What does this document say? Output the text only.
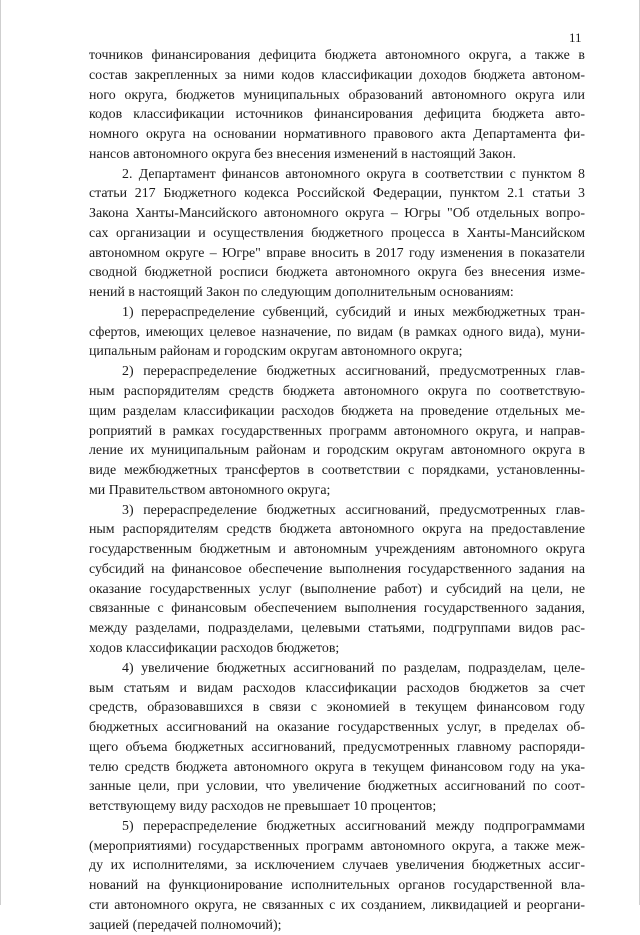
11
точников финансирования дефицита бюджета автономного округа, а также в
состав закрепленных за ними кодов классификации доходов бюджета автоном-
ного округа, бюджетов муниципальных образований автономного округа или
кодов классификации источников финансирования дефицита бюджета авто-
номного округа на основании нормативного правового акта Департамента фи-
нансов автономного округа без внесения изменений в настоящий Закон.
2. Департамент финансов автономного округа в соответствии с пунктом 8
статьи 217 Бюджетного кодекса Российской Федерации, пунктом 2.1 статьи 3
Закона Ханты-Мансийского автономного округа – Югры "Об отдельных вопро-
сах организации и осуществления бюджетного процесса в Ханты-Мансийском
автономном округе – Югре" вправе вносить в 2017 году изменения в показатели
сводной бюджетной росписи бюджета автономного округа без внесения изме-
нений в настоящий Закон по следующим дополнительным основаниям:
1) перераспределение субвенций, субсидий и иных межбюджетных тран-
сфертов, имеющих целевое назначение, по видам (в рамках одного вида), муни-
ципальным районам и городским округам автономного округа;
2) перераспределение бюджетных ассигнований, предусмотренных глав-
ным распорядителям средств бюджета автономного округа по соответствую-
щим разделам классификации расходов бюджета на проведение отдельных ме-
роприятий в рамках государственных программ автономного округа, и направ-
ление их муниципальным районам и городским округам автономного округа в
виде межбюджетных трансфертов в соответствии с порядками, установленны-
ми Правительством автономного округа;
3) перераспределение бюджетных ассигнований, предусмотренных глав-
ным распорядителям средств бюджета автономного округа на предоставление
государственным бюджетным и автономным учреждениям автономного округа
субсидий на финансовое обеспечение выполнения государственного задания на
оказание государственных услуг (выполнение работ) и субсидий на цели, не
связанные с финансовым обеспечением выполнения государственного задания,
между разделами, подразделами, целевыми статьями, подгруппами видов рас-
ходов классификации расходов бюджетов;
4) увеличение бюджетных ассигнований по разделам, подразделам, целе-
вым статьям и видам расходов классификации расходов бюджетов за счет
средств, образовавшихся в связи с экономией в текущем финансовом году
бюджетных ассигнований на оказание государственных услуг, в пределах об-
щего объема бюджетных ассигнований, предусмотренных главному распоряди-
телю средств бюджета автономного округа в текущем финансовом году на ука-
занные цели, при условии, что увеличение бюджетных ассигнований по соот-
ветствующему виду расходов не превышает 10 процентов;
5) перераспределение бюджетных ассигнований между подпрограммами
(мероприятиями) государственных программ автономного округа, а также меж-
ду их исполнителями, за исключением случаев увеличения бюджетных ассиг-
нований на функционирование исполнительных органов государственной вла-
сти автономного округа, не связанных с их созданием, ликвидацией и реоргани-
зацией (передачей полномочий);
